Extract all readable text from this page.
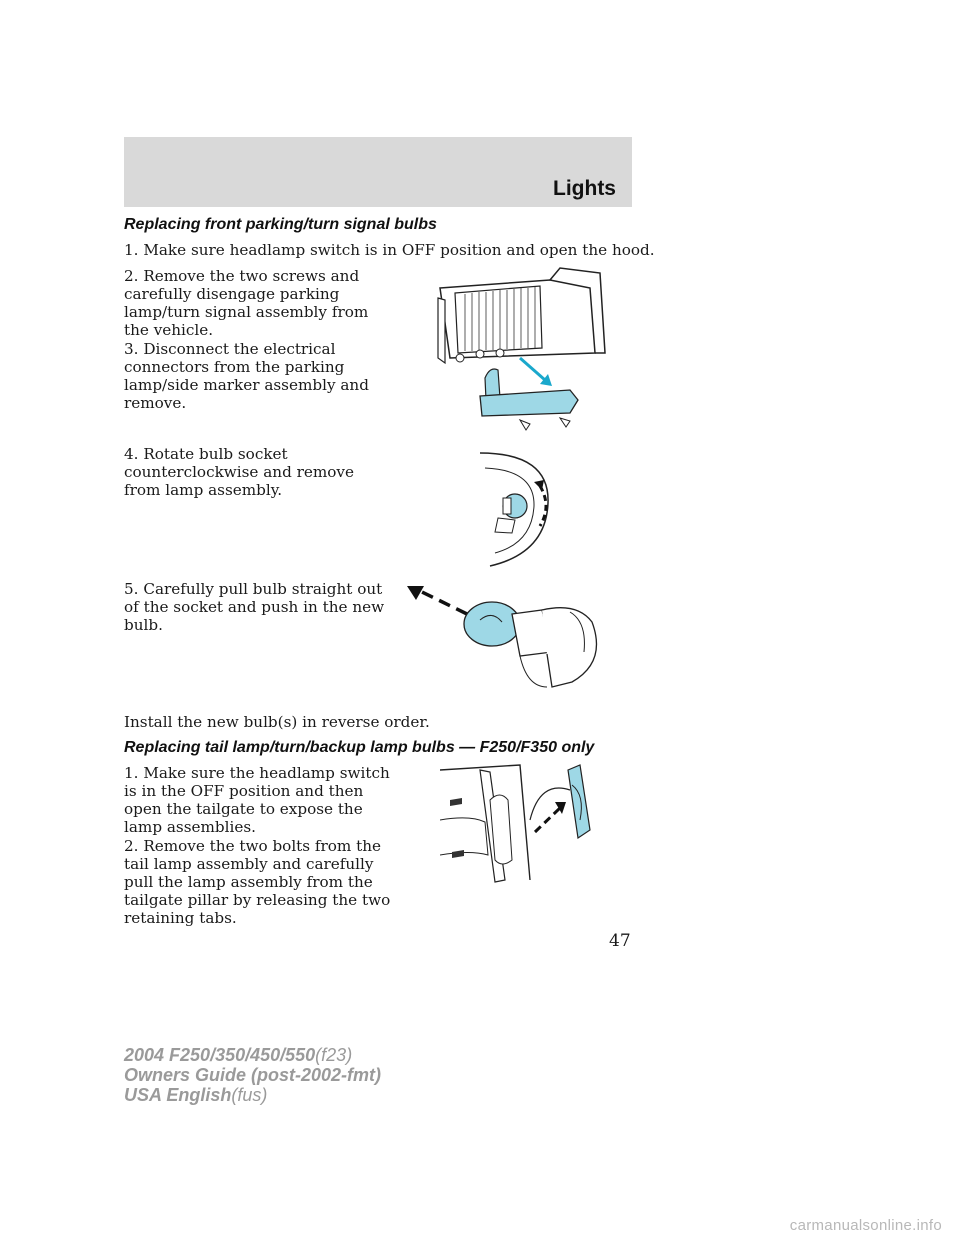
Lights
Replacing front parking/turn signal bulbs

1. Make sure headlamp switch is in OFF position and open the hood.

2. Remove the two screws and carefully disengage parking lamp/turn signal assembly from the vehicle.

3. Disconnect the electrical connectors from the parking lamp/side marker assembly and remove.

4. Rotate bulb socket counterclockwise and remove from lamp assembly.

5. Carefully pull bulb straight out of the socket and push in the new bulb.

Install the new bulb(s) in reverse order.

Replacing tail lamp/turn/backup lamp bulbs — F250/F350 only

1. Make sure the headlamp switch is in the OFF position and then open the tailgate to expose the lamp assemblies.

2. Remove the two bolts from the tail lamp assembly and carefully pull the lamp assembly from the tailgate pillar by releasing the two retaining tabs.

47
2004 F250/350/450/550(f23)
Owners Guide (post-2002-fmt)
USA English(fus)
carmanualsonline.info
